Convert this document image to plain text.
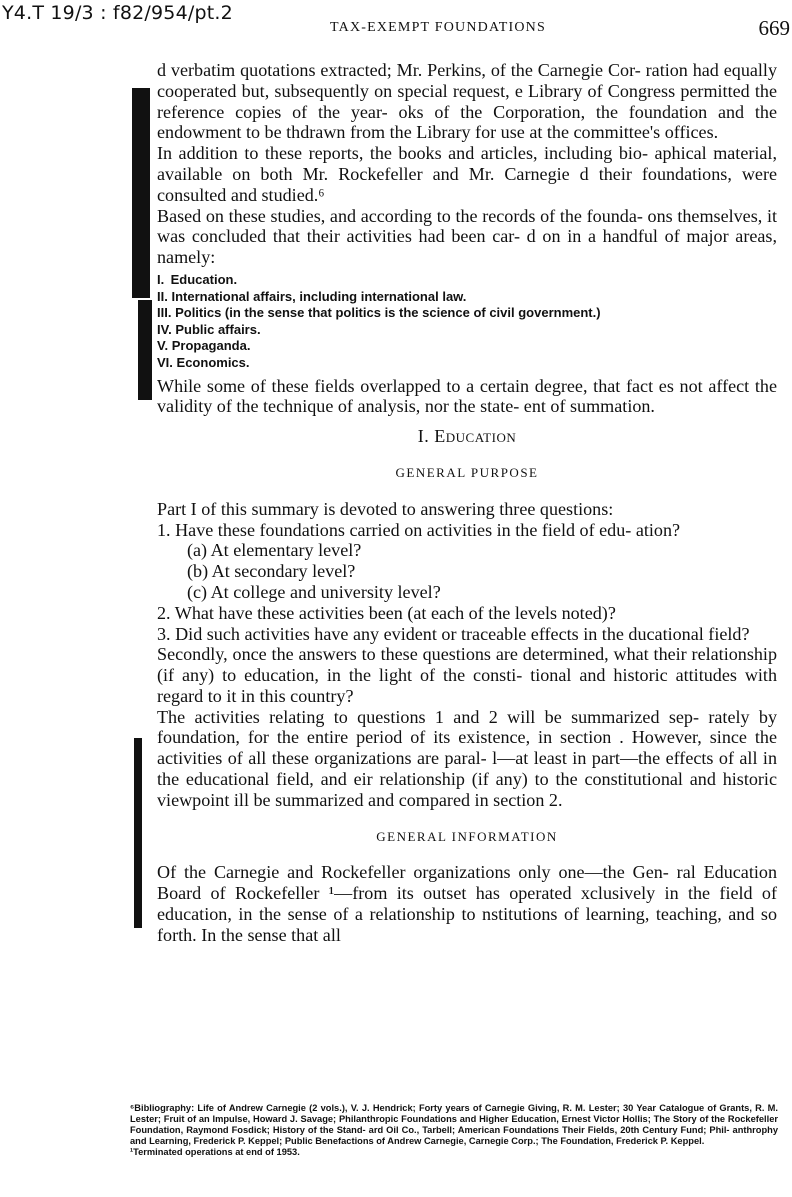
Y4.T 19/3 : f82/954/pt.2
TAX-EXEMPT FOUNDATIONS	669

d verbatim quotations extracted; Mr. Perkins, of the Carnegie Cor- ration had equally cooperated but, subsequently on special request, e Library of Congress permitted the reference copies of the year- oks of the Corporation, the foundation and the endowment to be thdrawn from the Library for use at the committee's offices.

In addition to these reports, the books and articles, including bio- aphical material, available on both Mr. Rockefeller and Mr. Carnegie d their foundations, were consulted and studied.⁶

Based on these studies, and according to the records of the founda- ons themselves, it was concluded that their activities had been car- d on in a handful of major areas, namely:

I. Education.
II. International affairs, including international law.
III. Politics (in the sense that politics is the science of civil government.)
IV. Public affairs.
V. Propaganda.
VI. Economics.

While some of these fields overlapped to a certain degree, that fact es not affect the validity of the technique of analysis, nor the state- ent of summation.

I. Education
GENERAL PURPOSE

Part I of this summary is devoted to answering three questions:

1. Have these foundations carried on activities in the field of edu- ation?

(a) At elementary level?

(b) At secondary level?

(c) At college and university level?

2. What have these activities been (at each of the levels noted)?

3. Did such activities have any evident or traceable effects in the ducational field?

Secondly, once the answers to these questions are determined, what their relationship (if any) to education, in the light of the consti- tional and historic attitudes with regard to it in this country?

The activities relating to questions 1 and 2 will be summarized sep- rately by foundation, for the entire period of its existence, in section . However, since the activities of all these organizations are paral- l—at least in part—the effects of all in the educational field, and eir relationship (if any) to the constitutional and historic viewpoint ill be summarized and compared in section 2.

GENERAL INFORMATION

Of the Carnegie and Rockefeller organizations only one—the Gen- ral Education Board of Rockefeller ¹—from its outset has operated xclusively in the field of education, in the sense of a relationship to nstitutions of learning, teaching, and so forth. In the sense that all

⁶Bibliography: Life of Andrew Carnegie (2 vols.), V. J. Hendrick; Forty years of Carnegie Giving, R. M. Lester; 30 Year Catalogue of Grants, R. M. Lester; Fruit of an Impulse, Howard J. Savage; Philanthropic Foundations and Higher Education, Ernest Victor Hollis; The Story of the Rockefeller Foundation, Raymond Fosdick; History of the Stand- ard Oil Co., Tarbell; American Foundations Their Fields, 20th Century Fund; Phil- anthrophy and Learning, Frederick P. Keppel; Public Benefactions of Andrew Carnegie, Carnegie Corp.; The Foundation, Frederick P. Keppel.

¹Terminated operations at end of 1953.
